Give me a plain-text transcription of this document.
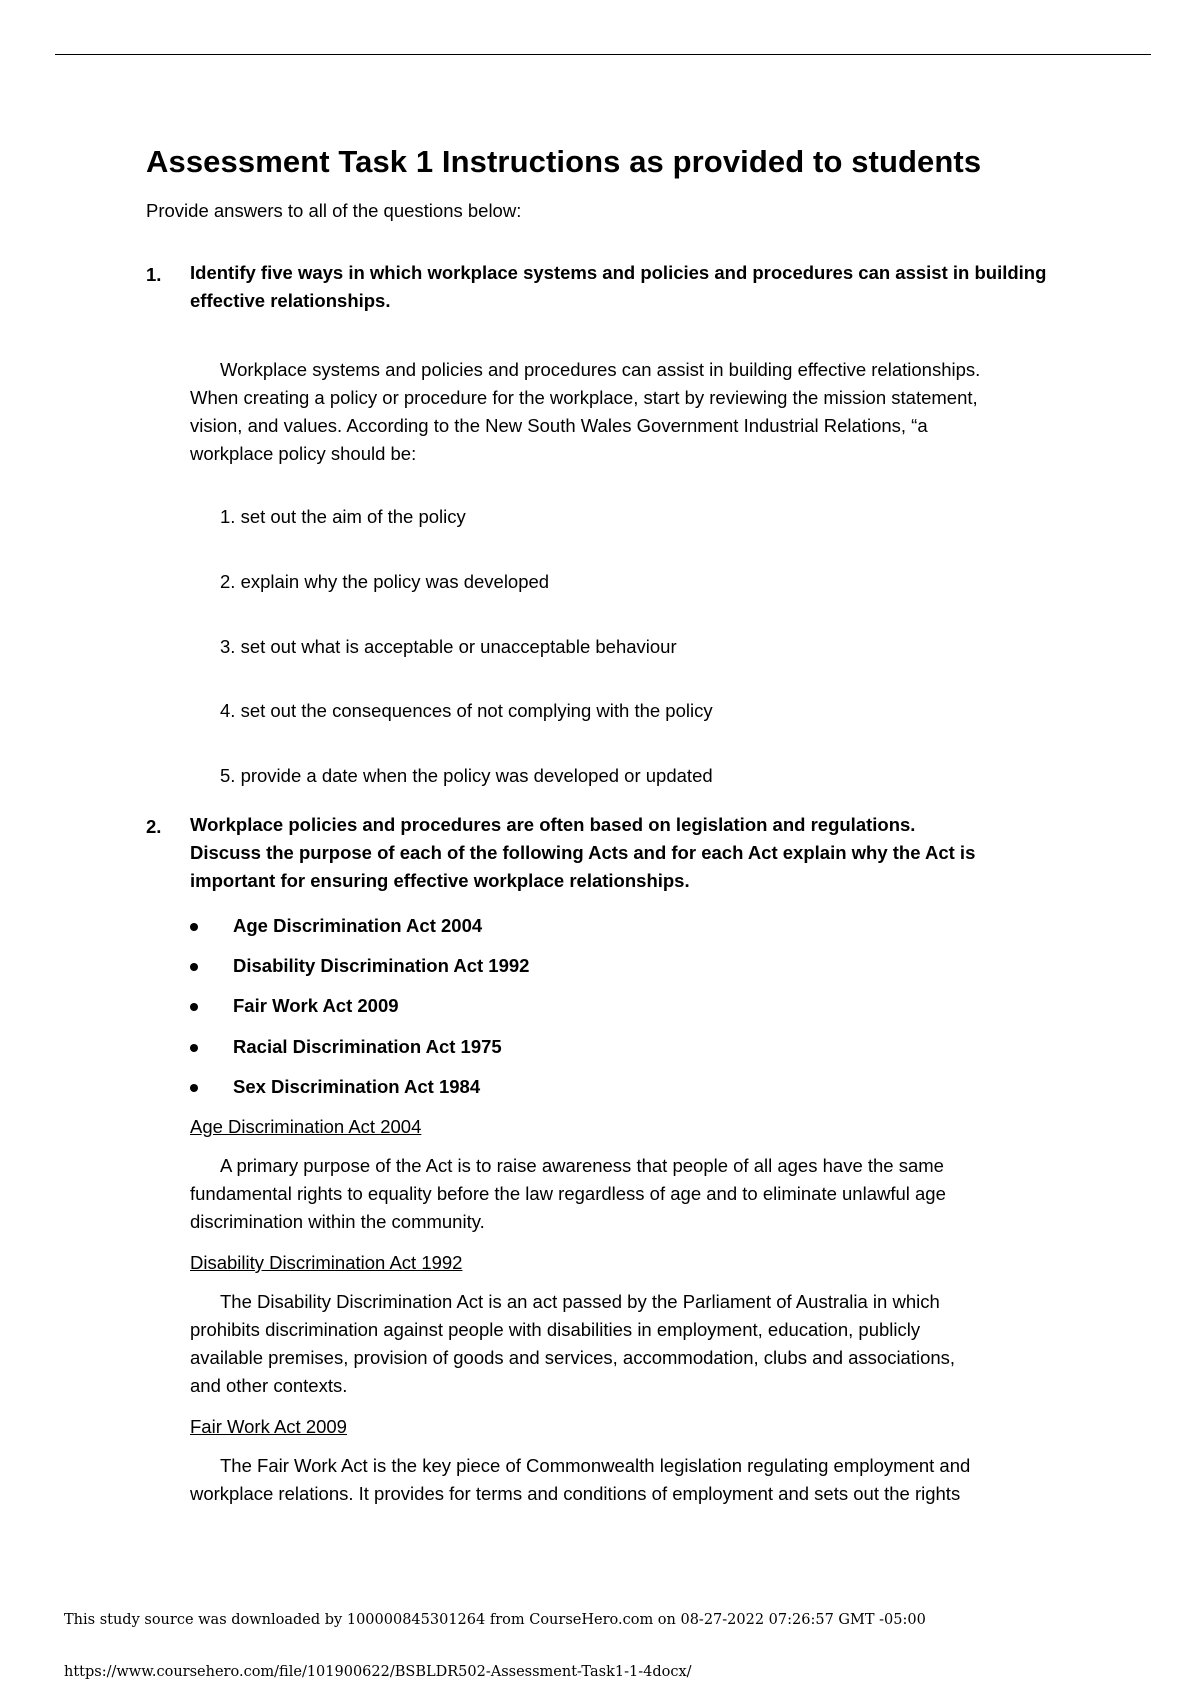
Assessment Task 1 Instructions as provided to students
Provide answers to all of the questions below:
1. Identify five ways in which workplace systems and policies and procedures can assist in building effective relationships.
Workplace systems and policies and procedures can assist in building effective relationships.
When creating a policy or procedure for the workplace, start by reviewing the mission statement,
vision, and values. According to the New South Wales Government Industrial Relations, “a
workplace policy should be:
1. set out the aim of the policy
2. explain why the policy was developed
3. set out what is acceptable or unacceptable behaviour
4. set out the consequences of not complying with the policy
5. provide a date when the policy was developed or updated
2. Workplace policies and procedures are often based on legislation and regulations.
Discuss the purpose of each of the following Acts and for each Act explain why the Act is
important for ensuring effective workplace relationships.
Age Discrimination Act 2004
Disability Discrimination Act 1992
Fair Work Act 2009
Racial Discrimination Act 1975
Sex Discrimination Act 1984
Age Discrimination Act 2004
A primary purpose of the Act is to raise awareness that people of all ages have the same
fundamental rights to equality before the law regardless of age and to eliminate unlawful age
discrimination within the community.
Disability Discrimination Act 1992
The Disability Discrimination Act is an act passed by the Parliament of Australia in which
prohibits discrimination against people with disabilities in employment, education, publicly
available premises, provision of goods and services, accommodation, clubs and associations,
and other contexts.
Fair Work Act 2009
The Fair Work Act is the key piece of Commonwealth legislation regulating employment and
workplace relations. It provides for terms and conditions of employment and sets out the rights
This study source was downloaded by 100000845301264 from CourseHero.com on 08-27-2022 07:26:57 GMT -05:00
https://www.coursehero.com/file/101900622/BSBLDR502-Assessment-Task1-1-4docx/
